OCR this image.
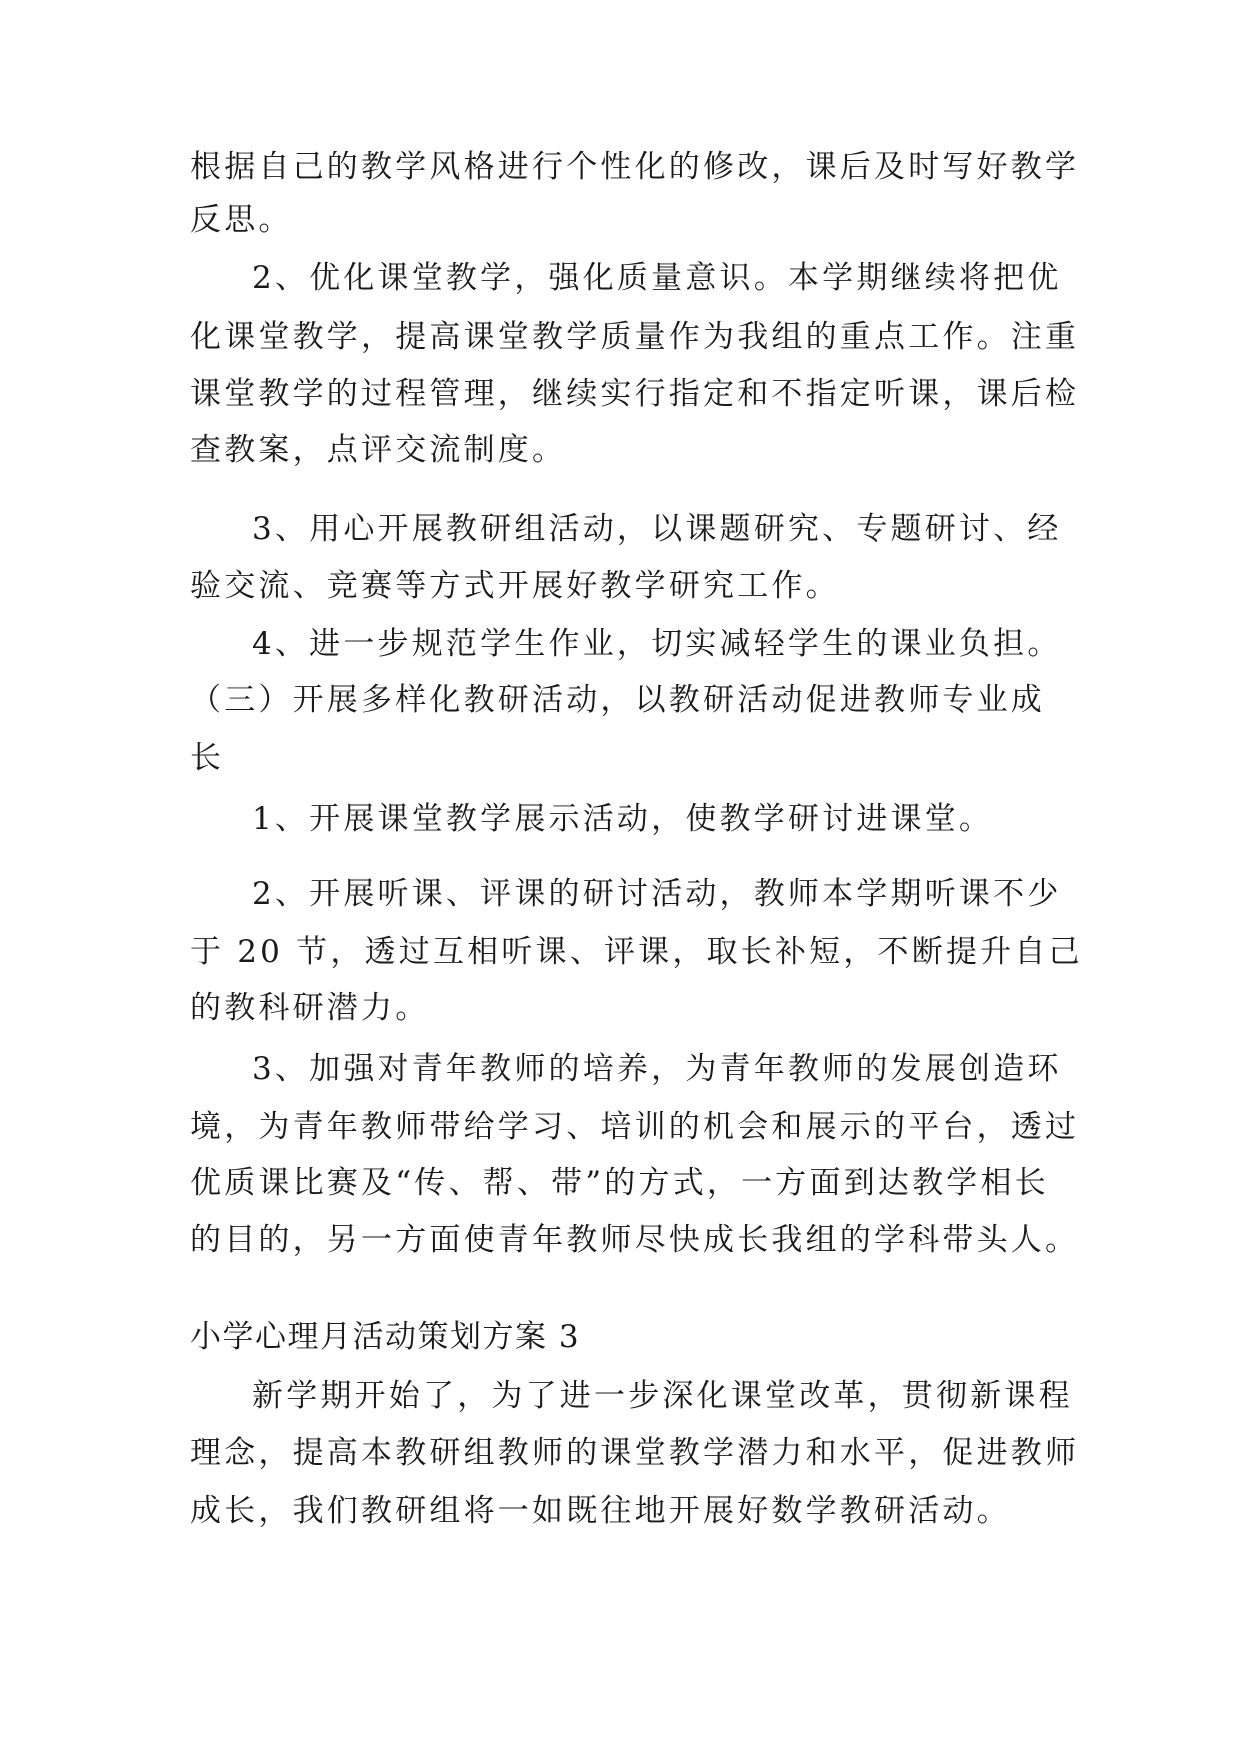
根据自己的教学风格进行个性化的修改，课后及时写好教学
反思。
2、优化课堂教学，强化质量意识。本学期继续将把优
化课堂教学，提高课堂教学质量作为我组的重点工作。注重
课堂教学的过程管理，继续实行指定和不指定听课，课后检
查教案，点评交流制度。
3、用心开展教研组活动，以课题研究、专题研讨、经
验交流、竞赛等方式开展好教学研究工作。
4、进一步规范学生作业，切实减轻学生的课业负担。
（三）开展多样化教研活动，以教研活动促进教师专业成
长
1、开展课堂教学展示活动，使教学研讨进课堂。
2、开展听课、评课的研讨活动，教师本学期听课不少
于 20 节，透过互相听课、评课，取长补短，不断提升自己
的教科研潜力。
3、加强对青年教师的培养，为青年教师的发展创造环
境，为青年教师带给学习、培训的机会和展示的平台，透过
优质课比赛及“传、帮、带”的方式，一方面到达教学相长
的目的，另一方面使青年教师尽快成长我组的学科带头人。
小学心理月活动策划方案 3
新学期开始了，为了进一步深化课堂改革，贯彻新课程
理念，提高本教研组教师的课堂教学潜力和水平，促进教师
成长，我们教研组将一如既往地开展好数学教研活动。
